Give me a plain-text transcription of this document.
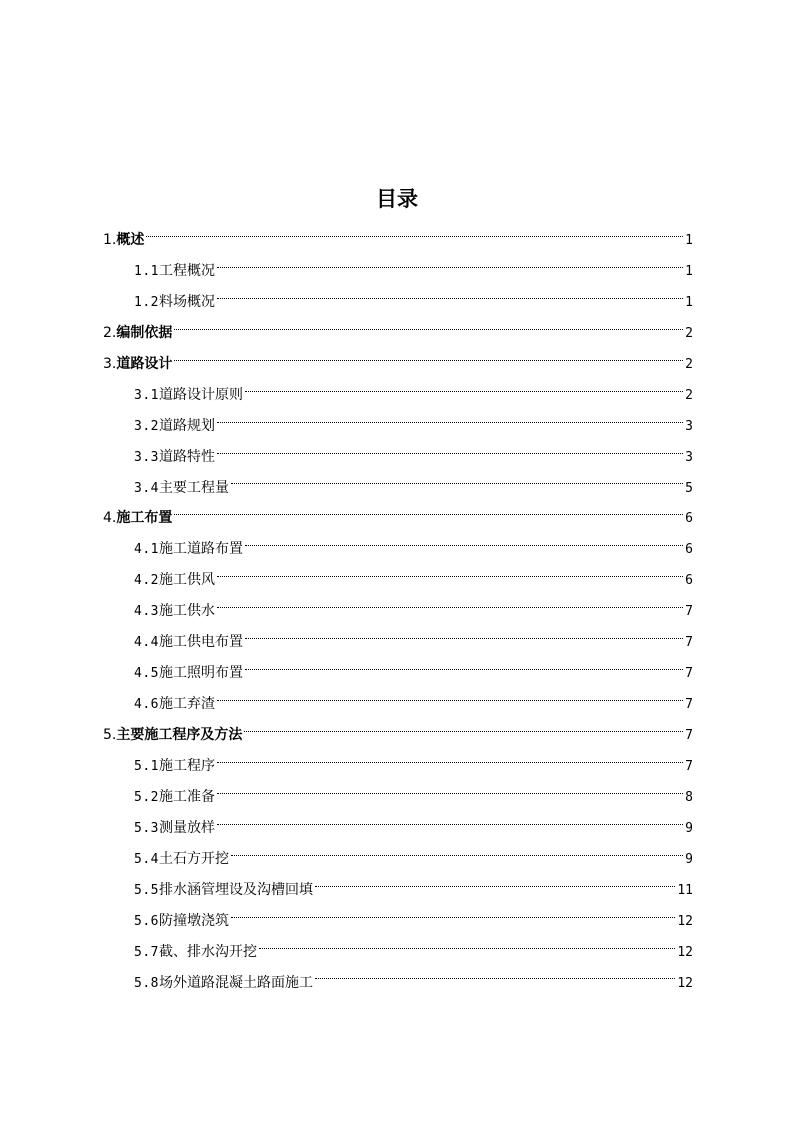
目录
1. 概述	1
1.1 工程概况	1
1.2 料场概况	1
2. 编制依据	2
3. 道路设计	2
3.1 道路设计原则	2
3.2 道路规划	3
3.3 道路特性	3
3.4 主要工程量	5
4. 施工布置	6
4.1 施工道路布置	6
4.2 施工供风	6
4.3 施工供水	7
4.4 施工供电布置	7
4.5 施工照明布置	7
4.6 施工弃渣	7
5. 主要施工程序及方法	7
5.1 施工程序	7
5.2 施工准备	8
5.3 测量放样	9
5.4 土石方开挖	9
5.5 排水涵管埋设及沟槽回填	11
5.6 防撞墩浇筑	12
5.7 截、排水沟开挖	12
5.8 场外道路混凝土路面施工	12
